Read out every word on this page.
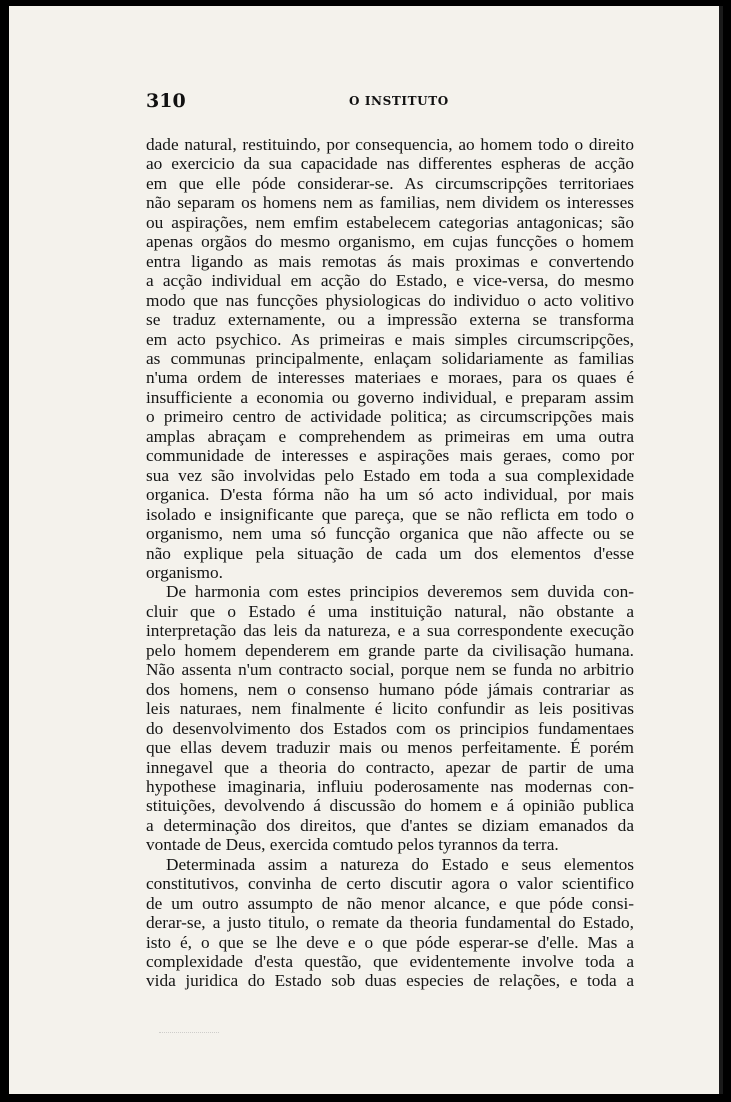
310	O INSTITUTO
dade natural, restituindo, por consequencia, ao homem todo o direito
ao exercicio da sua capacidade nas differentes espheras de acção
em que elle póde considerar-se. As circumscripções territoriaes
não separam os homens nem as familias, nem dividem os interesses
ou aspirações, nem emfim estabelecem categorias antagonicas; são
apenas orgãos do mesmo organismo, em cujas funcções o homem
entra ligando as mais remotas ás mais proximas e convertendo
a acção individual em acção do Estado, e vice-versa, do mesmo
modo que nas funcções physiologicas do individuo o acto volitivo
se traduz externamente, ou a impressão externa se transforma
em acto psychico. As primeiras e mais simples circumscripções,
as communas principalmente, enlaçam solidariamente as familias
n'uma ordem de interesses materiaes e moraes, para os quaes é
insufficiente a economia ou governo individual, e preparam assim
o primeiro centro de actividade politica; as circumscripções mais
amplas abraçam e comprehendem as primeiras em uma outra
communidade de interesses e aspirações mais geraes, como por
sua vez são involvidas pelo Estado em toda a sua complexidade
organica. D'esta fórma não ha um só acto individual, por mais
isolado e insignificante que pareça, que se não reflicta em todo o
organismo, nem uma só funcção organica que não affecte ou se
não explique pela situação de cada um dos elementos d'esse
organismo.
De harmonia com estes principios deveremos sem duvida con-
cluir que o Estado é uma instituição natural, não obstante a
interpretação das leis da natureza, e a sua correspondente execução
pelo homem dependerem em grande parte da civilisação humana.
Não assenta n'um contracto social, porque nem se funda no arbitrio
dos homens, nem o consenso humano póde jámais contrariar as
leis naturaes, nem finalmente é licito confundir as leis positivas
do desenvolvimento dos Estados com os principios fundamentaes
que ellas devem traduzir mais ou menos perfeitamente. É porém
innegavel que a theoria do contracto, apezar de partir de uma
hypothese imaginaria, influiu poderosamente nas modernas con-
stituições, devolvendo á discussão do homem e á opinião publica
a determinação dos direitos, que d'antes se diziam emanados da
vontade de Deus, exercida comtudo pelos tyrannos da terra.
Determinada assim a natureza do Estado e seus elementos
constitutivos, convinha de certo discutir agora o valor scientifico
de um outro assumpto de não menor alcance, e que póde consi-
derar-se, a justo titulo, o remate da theoria fundamental do Estado,
isto é, o que se lhe deve e o que póde esperar-se d'elle. Mas a
complexidade d'esta questão, que evidentemente involve toda a
vida juridica do Estado sob duas especies de relações, e toda a
